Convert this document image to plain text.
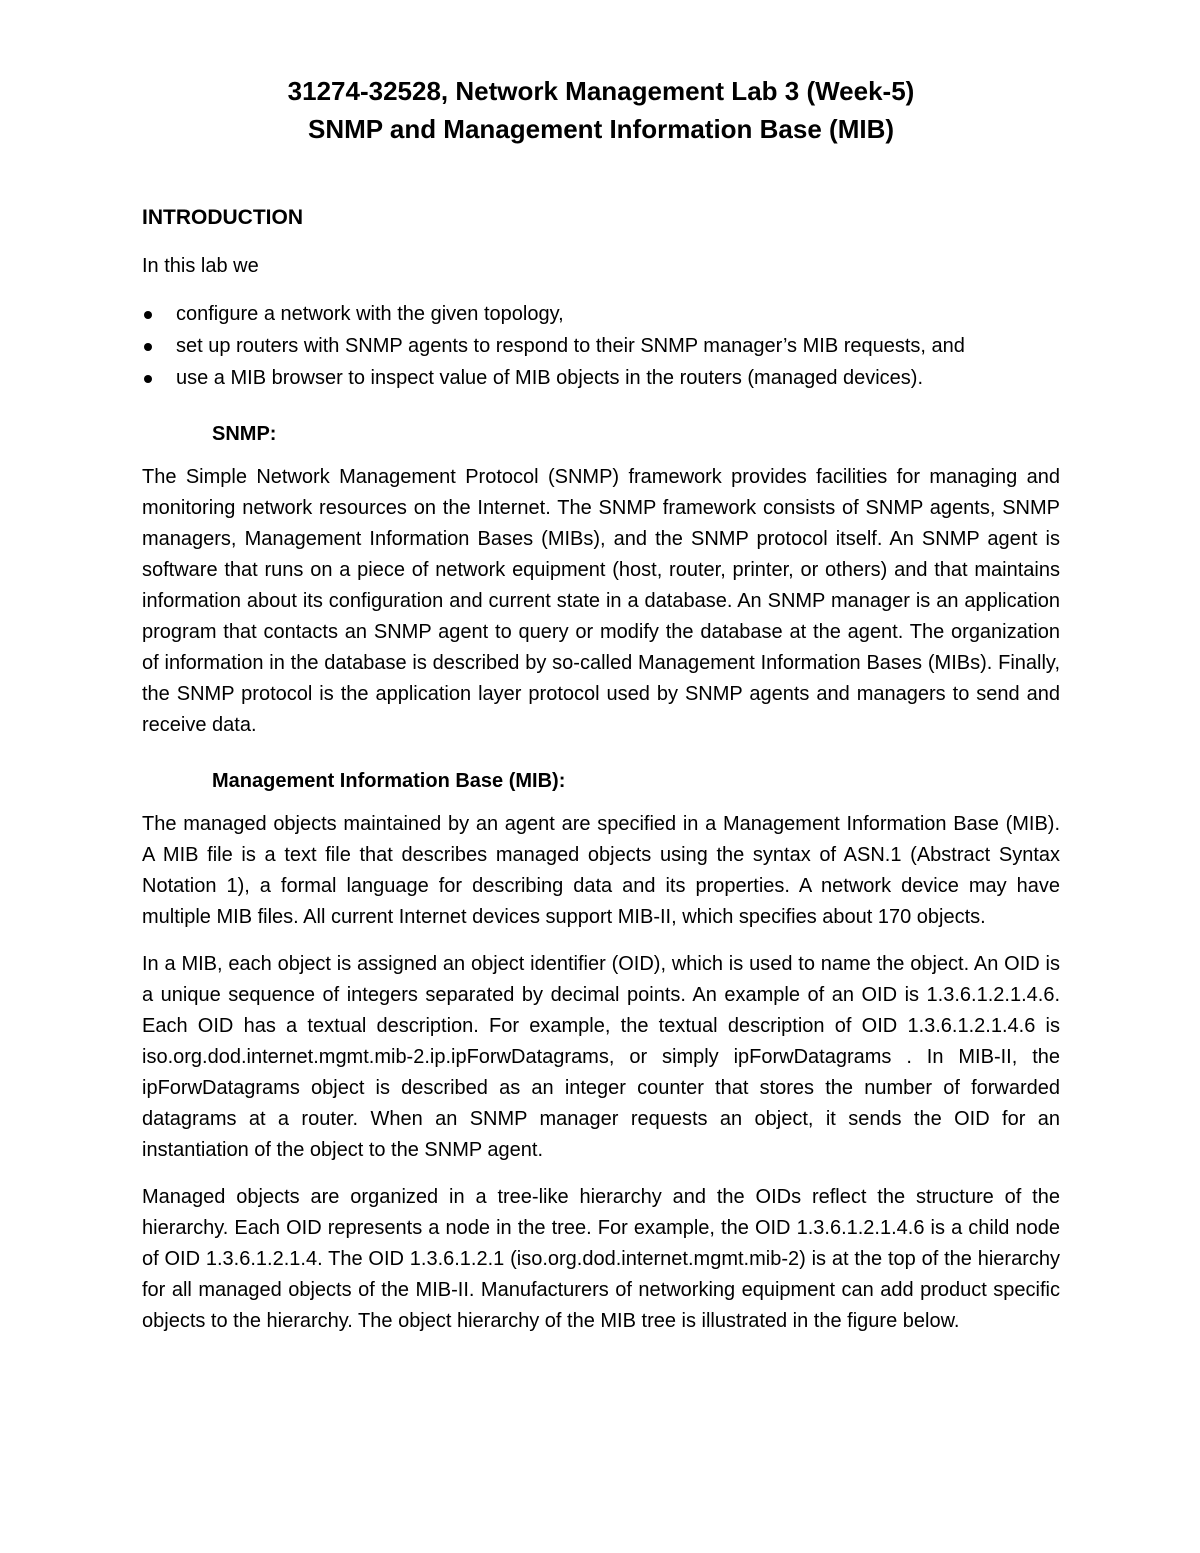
31274-32528, Network Management Lab 3 (Week-5)
SNMP and Management Information Base (MIB)
INTRODUCTION

In this lab we

configure a network with the given topology,
set up routers with SNMP agents to respond to their SNMP manager’s MIB requests, and
use a MIB browser to inspect value of MIB objects in the routers (managed devices).
SNMP:

The Simple Network Management Protocol (SNMP) framework provides facilities for managing and monitoring network resources on the Internet. The SNMP framework consists of SNMP agents, SNMP managers, Management Information Bases (MIBs), and the SNMP protocol itself. An SNMP agent is software that runs on a piece of network equipment (host, router, printer, or others) and that maintains information about its configuration and current state in a database. An SNMP manager is an application program that contacts an SNMP agent to query or modify the database at the agent. The organization of information in the database is described by so-called Management Information Bases (MIBs). Finally, the SNMP protocol is the application layer protocol used by SNMP agents and managers to send and receive data.

Management Information Base (MIB):

The managed objects maintained by an agent are specified in a Management Information Base (MIB). A MIB file is a text file that describes managed objects using the syntax of ASN.1 (Abstract Syntax Notation 1), a formal language for describing data and its properties. A network device may have multiple MIB files. All current Internet devices support MIB-II, which specifies about 170 objects.

In a MIB, each object is assigned an object identifier (OID), which is used to name the object. An OID is a unique sequence of integers separated by decimal points. An example of an OID is 1.3.6.1.2.1.4.6. Each OID has a textual description. For example, the textual description of OID 1.3.6.1.2.1.4.6 is iso.org.dod.internet.mgmt.mib-2.ip.ipForwDatagrams, or simply ipForwDatagrams . In MIB-II, the ipForwDatagrams object is described as an integer counter that stores the number of forwarded datagrams at a router. When an SNMP manager requests an object, it sends the OID for an instantiation of the object to the SNMP agent.

Managed objects are organized in a tree-like hierarchy and the OIDs reflect the structure of the hierarchy. Each OID represents a node in the tree. For example, the OID 1.3.6.1.2.1.4.6 is a child node of OID 1.3.6.1.2.1.4. The OID 1.3.6.1.2.1 (iso.org.dod.internet.mgmt.mib-2) is at the top of the hierarchy for all managed objects of the MIB-II. Manufacturers of networking equipment can add product specific objects to the hierarchy. The object hierarchy of the MIB tree is illustrated in the figure below.
